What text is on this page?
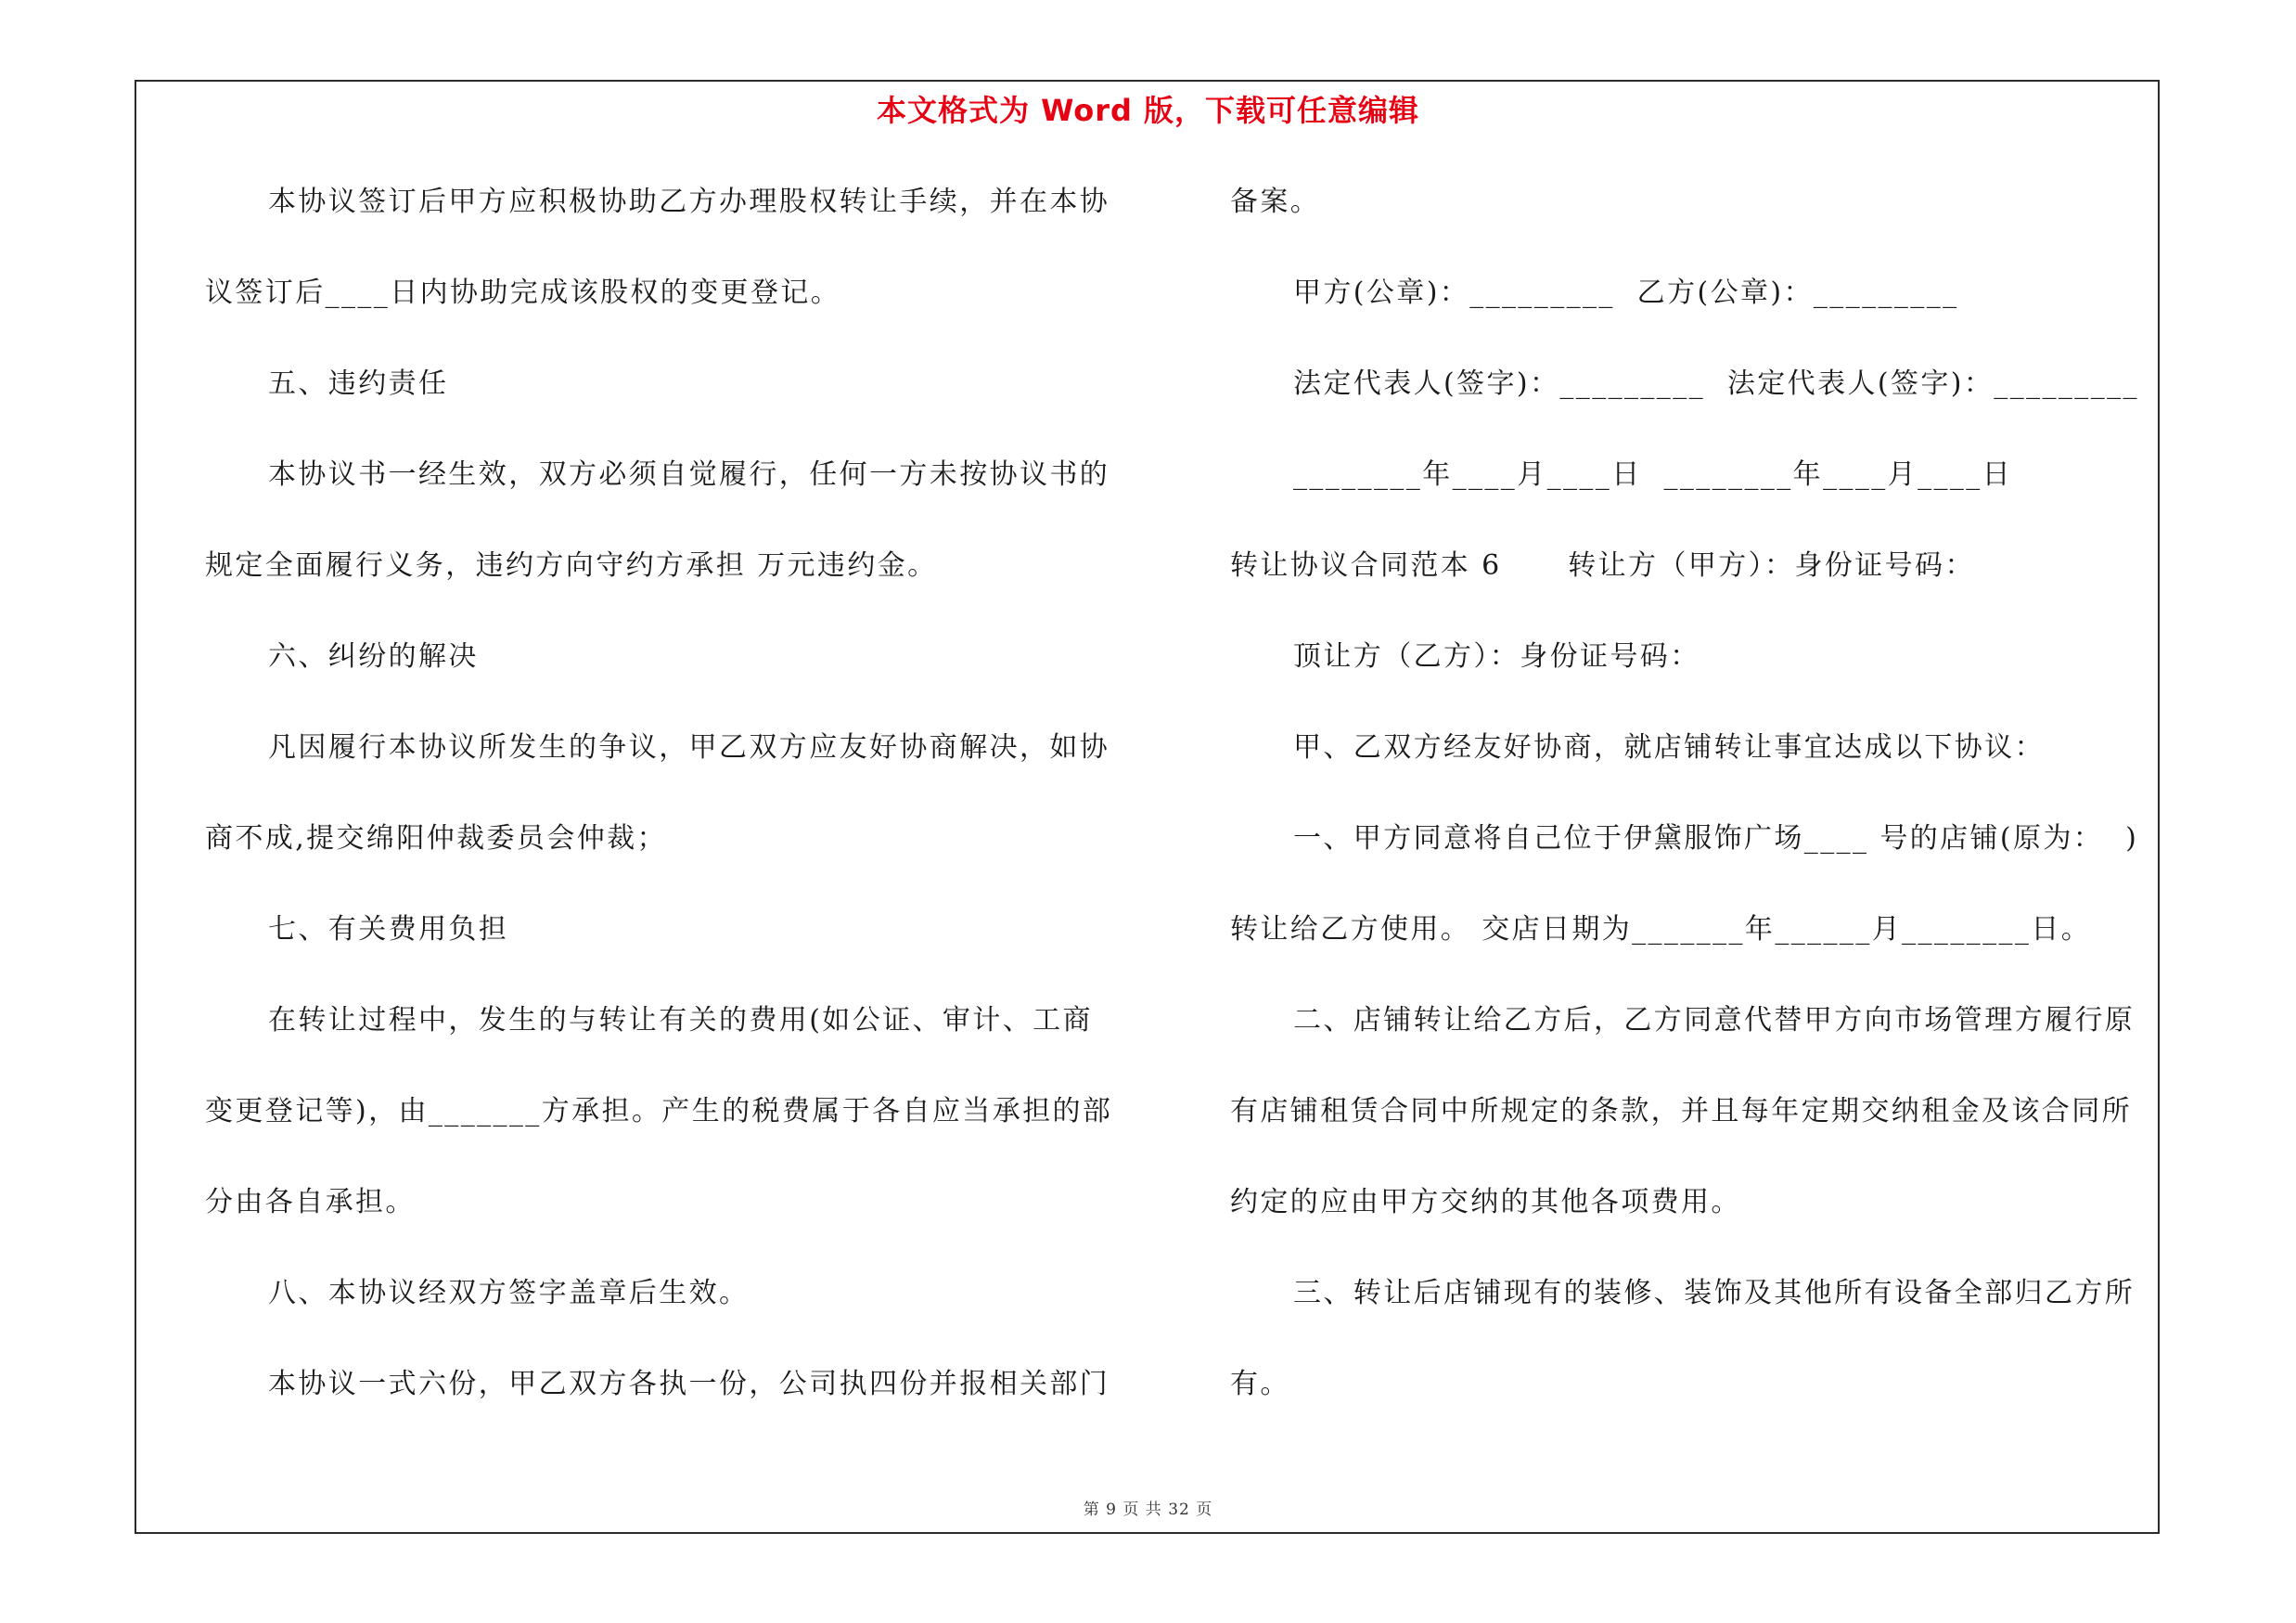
本文格式为 Word 版，下载可任意编辑
本协议签订后甲方应积极协助乙方办理股权转让手续，并在本协
议签订后____日内协助完成该股权的变更登记。
五、违约责任
本协议书一经生效，双方必须自觉履行，任何一方未按协议书的
规定全面履行义务，违约方向守约方承担 万元违约金。
六、纠纷的解决
凡因履行本协议所发生的争议，甲乙双方应友好协商解决，如协
商不成,提交绵阳仲裁委员会仲裁；
七、有关费用负担
在转让过程中，发生的与转让有关的费用(如公证、审计、工商
变更登记等)，由_______方承担。产生的税费属于各自应当承担的部
分由各自承担。
八、本协议经双方签字盖章后生效。
本协议一式六份，甲乙双方各执一份，公司执四份并报相关部门
备案。
甲方(公章)：_________  乙方(公章)：_________
法定代表人(签字)：_________  法定代表人(签字)：_________
________年____月____日  ________年____月____日
转让协议合同范本 6      转让方（甲方）：身份证号码：
顶让方（乙方）：身份证号码：
甲、乙双方经友好协商，就店铺转让事宜达成以下协议：
一、甲方同意将自己位于伊黛服饰广场____ 号的店铺(原为：  )
转让给乙方使用。 交店日期为_______年______月________日。
二、店铺转让给乙方后，乙方同意代替甲方向市场管理方履行原
有店铺租赁合同中所规定的条款，并且每年定期交纳租金及该合同所
约定的应由甲方交纳的其他各项费用。
三、转让后店铺现有的装修、装饰及其他所有设备全部归乙方所
有。
第 9 页 共 32 页
